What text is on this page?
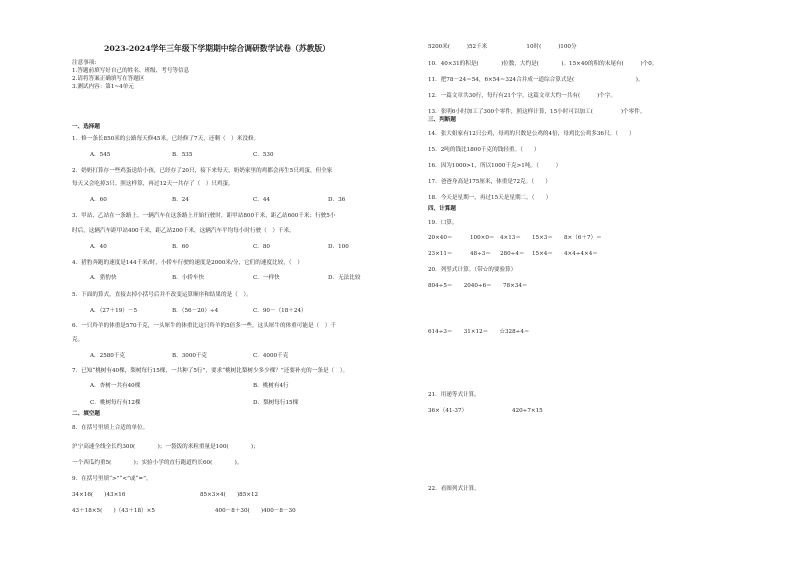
2023-2024学年三年级下学期期中综合调研数学试卷（苏教版）
注意事项:
1.答题前填写好自己的姓名、班级、考号等信息
2.请将答案正确填写在答题区
3.测试内容：第1~4单元
一、选择题
1．修一条长850米的公路每天修45米，已经修了7天，还剩（　）米没修。
A．545	B．535	C．530
2．奶奶打算存一些鸡蛋送给小孩，已经存了20只，接下来每天，奶奶家里的鸡都会再生5只鸡蛋，但全家
每天又会吃掉3只。照这样算，再过12天一共存了（　）只鸡蛋。
A．60	B．24	C．44	D．36
3．甲站、乙站在一条路上，一辆汽车在这条路上开始行驶时，距甲站800千米，距乙站600千米；行驶5小
时后，这辆汽车距甲站400千米，距乙站200千米，这辆汽车平均每小时行驶（　）千米。
A．40	B．60	C．80	D．100
4．猎豹奔跑的速度是144千米/时，小轿车行驶的速度是2000米/分，它们的速度比较，（　）
A．猎豹快	B．小轿车快	C．一样快	D．无法比较
5．下面的算式，直接去掉小括号后并不改变运算顺序和结果的是（　）。
A．（27＋19）－5	B．（56－20）÷4	C．90－（18＋24）
6．一只羚羊的体重是570千克，一头犀牛的体重比这只羚羊的5倍多一些，这头犀牛的体重可能是（　）千
克。
A．2580千克	B．3000千克	C．4000千克
7．已知“桃树有40棵，梨树每行15棵，一共种了5行”，要求“桃树比梨树少多少棵？”还要补充的一条是（　）。
A．杏树一共有40棵	B．桃树有4行
C．桃树每行有12棵	D．梨树每行15棵
二、填空题
8．在括号里填上合适的单位。
沪宁高速全线全长约300(　　　　)；一袋饭的米粒重量是100(　　　　)；
一个西瓜约重5(　　　　)；实验小学的直行跑道约长60(　　　　)。
9．在括号里填“>”“<”或“=”。
34×16(　　)43×16	85×3×4(　　)85×12
43＋18×5(　　)（43＋18）×5	400－8＋30(　　)400－8－30
5200米(　　　)52千米　　　　　　　10时(　　　)100分
10．40×31的积是(　　　　)位数，大约是(　　　　)。15×40的积的末尾有(　　　)个0。
11．把78－24＝54，6×54＝324合并成一道综合算式是(　　　　　　　　　　　)。
12．一篇文章共30行，每行有21个字，这篇文章大约一共有(　　　)个字。
13．张明6小时加工了300个零件，照这样计算，15小时可以加工(　　　　　)个零件。
三、判断题
14．张大姐家有12只公鸡，母鸡的只数是公鸡的4倍，母鸡比公鸡多36只。（　　）
15．2吨的钱比1800千克的钱轻重。（　　）
16．因为1000>1，所以1000千克>1吨。（　　　）
17．爸爸身高是175厘米，体重是72克。（　　）
18．今天是星期一，再过15天是星期二。（　　）
四、计算题
19．口算。
20×40＝	100×0＝ 4×13＝ 15×3＝ 8×（6＋7）＝
23×11＝	48÷3＝ 280÷4＝ 15×4＝ 4×4÷4×4＝
20．列竖式计算。（带☆的要验算）
804÷5＝　　2040÷6＝　　78×34＝
614÷3＝　　31×12＝　　☆328÷4＝
21．用递等式计算。
36×（41-37）	420÷7×15
22．看图列式计算。
